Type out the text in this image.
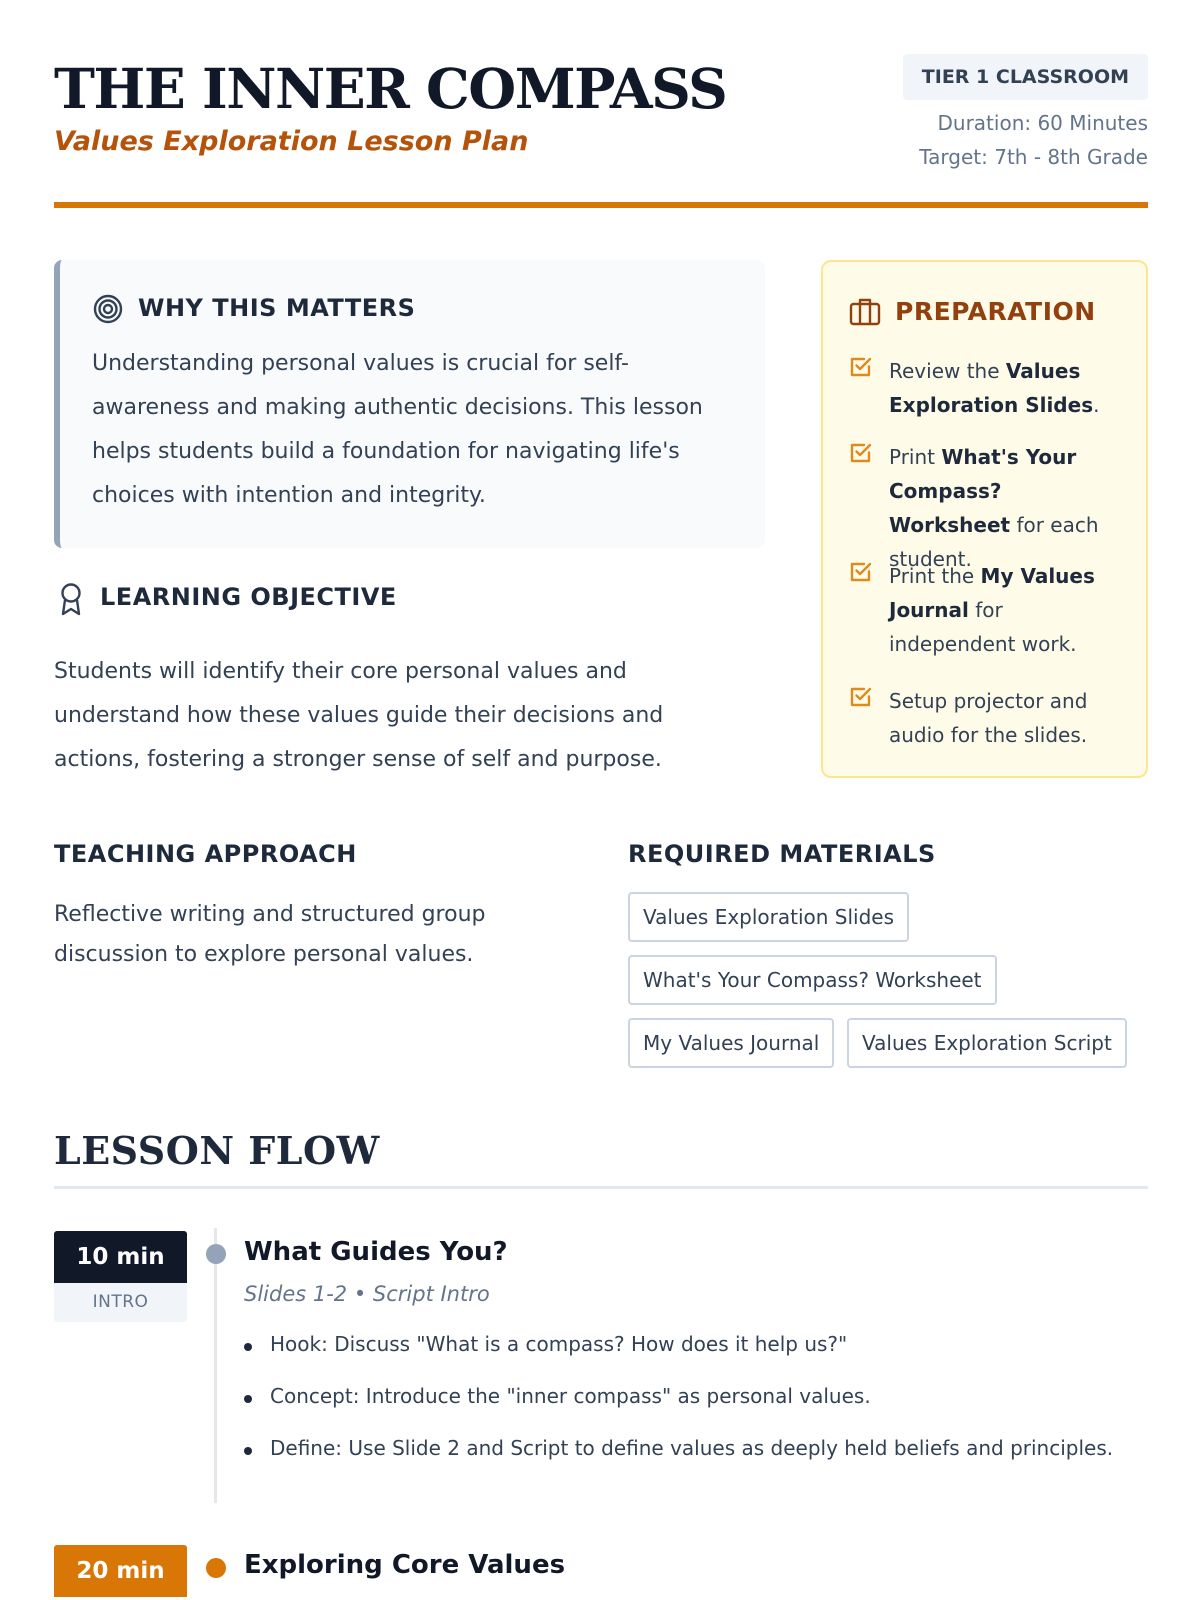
THE INNER COMPASS
Values Exploration Lesson Plan
TIER 1 CLASSROOM
Duration: 60 Minutes
Target: 7th - 8th Grade
WHY THIS MATTERS
Understanding personal values is crucial for self-awareness and making authentic decisions. This lesson helps students build a foundation for navigating life's choices with intention and integrity.
LEARNING OBJECTIVE
Students will identify their core personal values and understand how these values guide their decisions and actions, fostering a stronger sense of self and purpose.
PREPARATION
Review the Values Exploration Slides.
Print What's Your Compass? Worksheet for each student.
Print the My Values Journal for independent work.
Setup projector and audio for the slides.
TEACHING APPROACH
Reflective writing and structured group discussion to explore personal values.
REQUIRED MATERIALS
Values Exploration Slides
What's Your Compass? Worksheet
My Values Journal	Values Exploration Script
LESSON FLOW
10 min
INTRO
What Guides You?
Slides 1-2 • Script Intro
Hook: Discuss "What is a compass? How does it help us?"
Concept: Introduce the "inner compass" as personal values.
Define: Use Slide 2 and Script to define values as deeply held beliefs and principles.
20 min	Exploring Core Values
